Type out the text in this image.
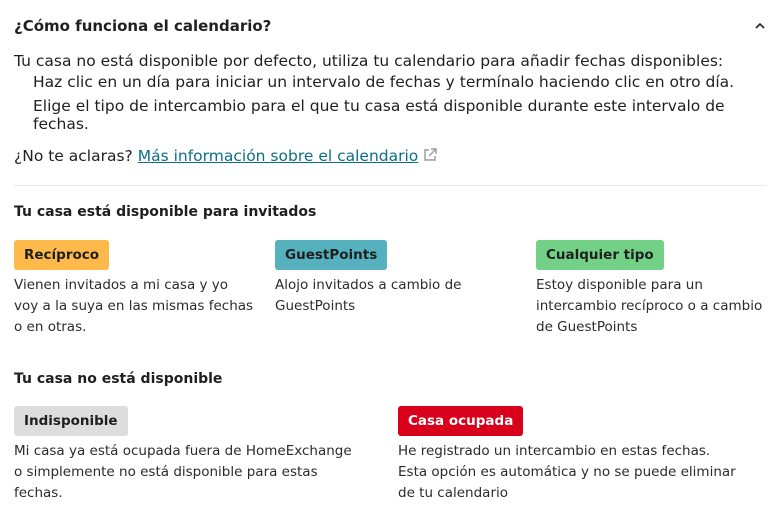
¿Cómo funciona el calendario?
Tu casa no está disponible por defecto, utiliza tu calendario para añadir fechas disponibles:
Haz clic en un día para iniciar un intervalo de fechas y termínalo haciendo clic en otro día.
Elige el tipo de intercambio para el que tu casa está disponible durante este intervalo de fechas.
¿No te aclaras? Más información sobre el calendario
Tu casa está disponible para invitados
Recíproco
Vienen invitados a mi casa y yo voy a la suya en las mismas fechas o en otras.
GuestPoints
Alojo invitados a cambio de GuestPoints
Cualquier tipo
Estoy disponible para un intercambio recíproco o a cambio de GuestPoints
Tu casa no está disponible
Indisponible
Mi casa ya está ocupada fuera de HomeExchange o simplemente no está disponible para estas fechas.
Casa ocupada
He registrado un intercambio en estas fechas. Esta opción es automática y no se puede eliminar de tu calendario
